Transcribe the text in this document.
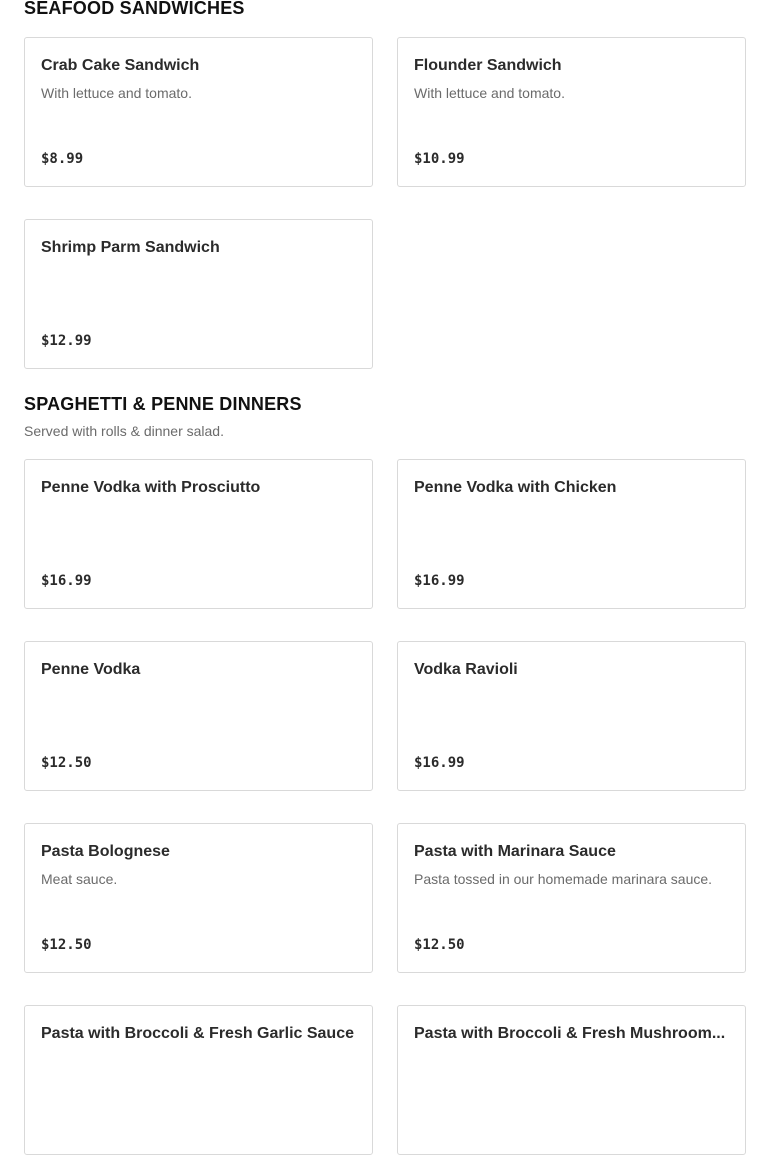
SEAFOOD SANDWICHES
Crab Cake Sandwich
With lettuce and tomato.
$8.99
Flounder Sandwich
With lettuce and tomato.
$10.99
Shrimp Parm Sandwich
$12.99
SPAGHETTI & PENNE DINNERS

Served with rolls & dinner salad.

Penne Vodka with Prosciutto
$16.99
Penne Vodka with Chicken
$16.99
Penne Vodka
$12.50
Vodka Ravioli
$16.99
Pasta Bolognese
Meat sauce.
$12.50
Pasta with Marinara Sauce
Pasta tossed in our homemade marinara sauce.
$12.50
Pasta with Broccoli & Fresh Garlic Sauce	Pasta with Broccoli & Fresh Mushroom...
